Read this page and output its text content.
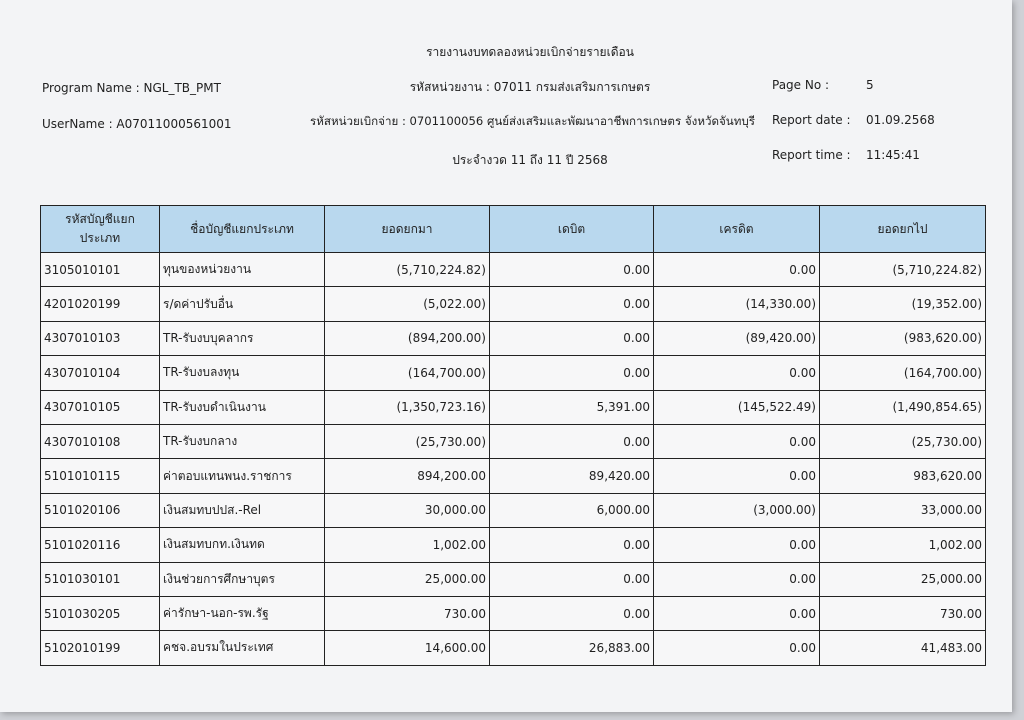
รายงานงบทดลองหน่วยเบิกจ่ายรายเดือน
Program Name : NGL_TB_PMT	รหัสหน่วยงาน : 07011 กรมส่งเสริมการเกษตร	Page No :	5
UserName : A07011000561001	รหัสหน่วยเบิกจ่าย : 0701100056 ศูนย์ส่งเสริมและพัฒนาอาชีพการเกษตร จังหวัดจันทบุรี Report date : 01.09.2568
ประจำงวด 11 ถึง 11 ปี 2568	Report time : 11:45:41
รหัสบัญชีแยกประเภท	ชื่อบัญชีแยกประเภท	ยอดยกมา	เดบิต	เครดิต	ยอดยกไป
3105010101	ทุนของหน่วยงาน	(5,710,224.82)	0.00	0.00	(5,710,224.82)
4201020199	ร/ดค่าปรับอื่น	(5,022.00)	0.00	(14,330.00)	(19,352.00)
4307010103	TR-รับงบบุคลากร	(894,200.00)	0.00	(89,420.00)	(983,620.00)
4307010104	TR-รับงบลงทุน	(164,700.00)	0.00	0.00	(164,700.00)
4307010105	TR-รับงบดำเนินงาน	(1,350,723.16)	5,391.00	(145,522.49)	(1,490,854.65)
4307010108	TR-รับงบกลาง	(25,730.00)	0.00	0.00	(25,730.00)
5101010115	ค่าตอบแทนพนง.ราชการ	894,200.00	89,420.00	0.00	983,620.00
5101020106	เงินสมทบปปส.-Rel	30,000.00	6,000.00	(3,000.00)	33,000.00
5101020116	เงินสมทบกท.เงินทด	1,002.00	0.00	0.00	1,002.00
5101030101	เงินช่วยการศึกษาบุตร	25,000.00	0.00	0.00	25,000.00
5101030205	ค่ารักษา-นอก-รพ.รัฐ	730.00	0.00	0.00	730.00
5102010199	คชจ.อบรมในประเทศ	14,600.00	26,883.00	0.00	41,483.00
